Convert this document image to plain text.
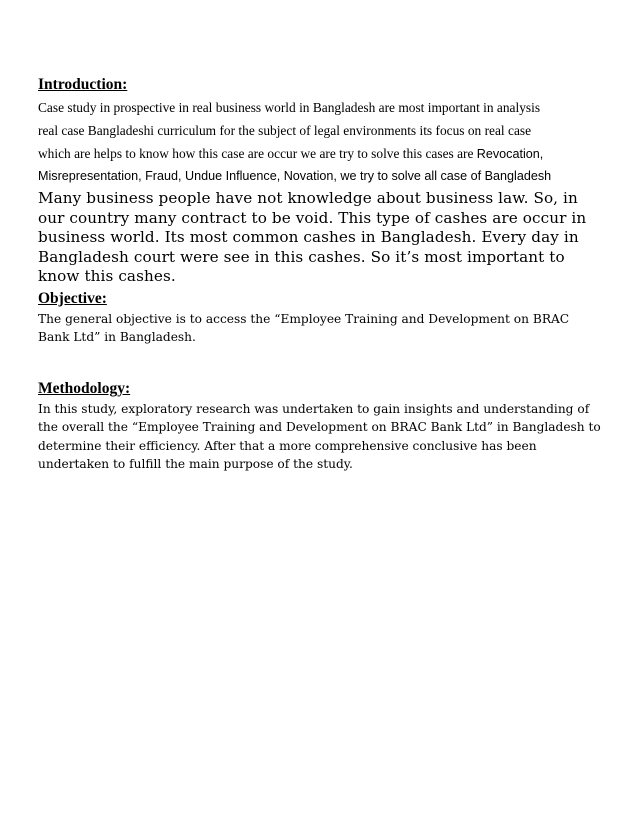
Introduction:
Case study in prospective in real business world in Bangladesh are most important in analysis
real case Bangladeshi curriculum for the subject of legal environments its focus on real case
which are helps to know how this case are occur we are try to solve this cases are Revocation,
Misrepresentation, Fraud, Undue Influence, Novation, we try to solve all case of Bangladesh

Many business people have not knowledge about business law. So, in our country many contract to be void. This type of cashes are occur in business world. Its most common cashes in Bangladesh. Every day in Bangladesh court were see in this cashes. So it’s most important to know this cashes.

Objective:

The general objective is to access the “Employee Training and Development on BRAC Bank Ltd” in Bangladesh.

Methodology:

In this study, exploratory research was undertaken to gain insights and understanding of the overall the “Employee Training and Development on BRAC Bank Ltd” in Bangladesh to determine their efficiency. After that a more comprehensive conclusive has been undertaken to fulfill the main purpose of the study.
